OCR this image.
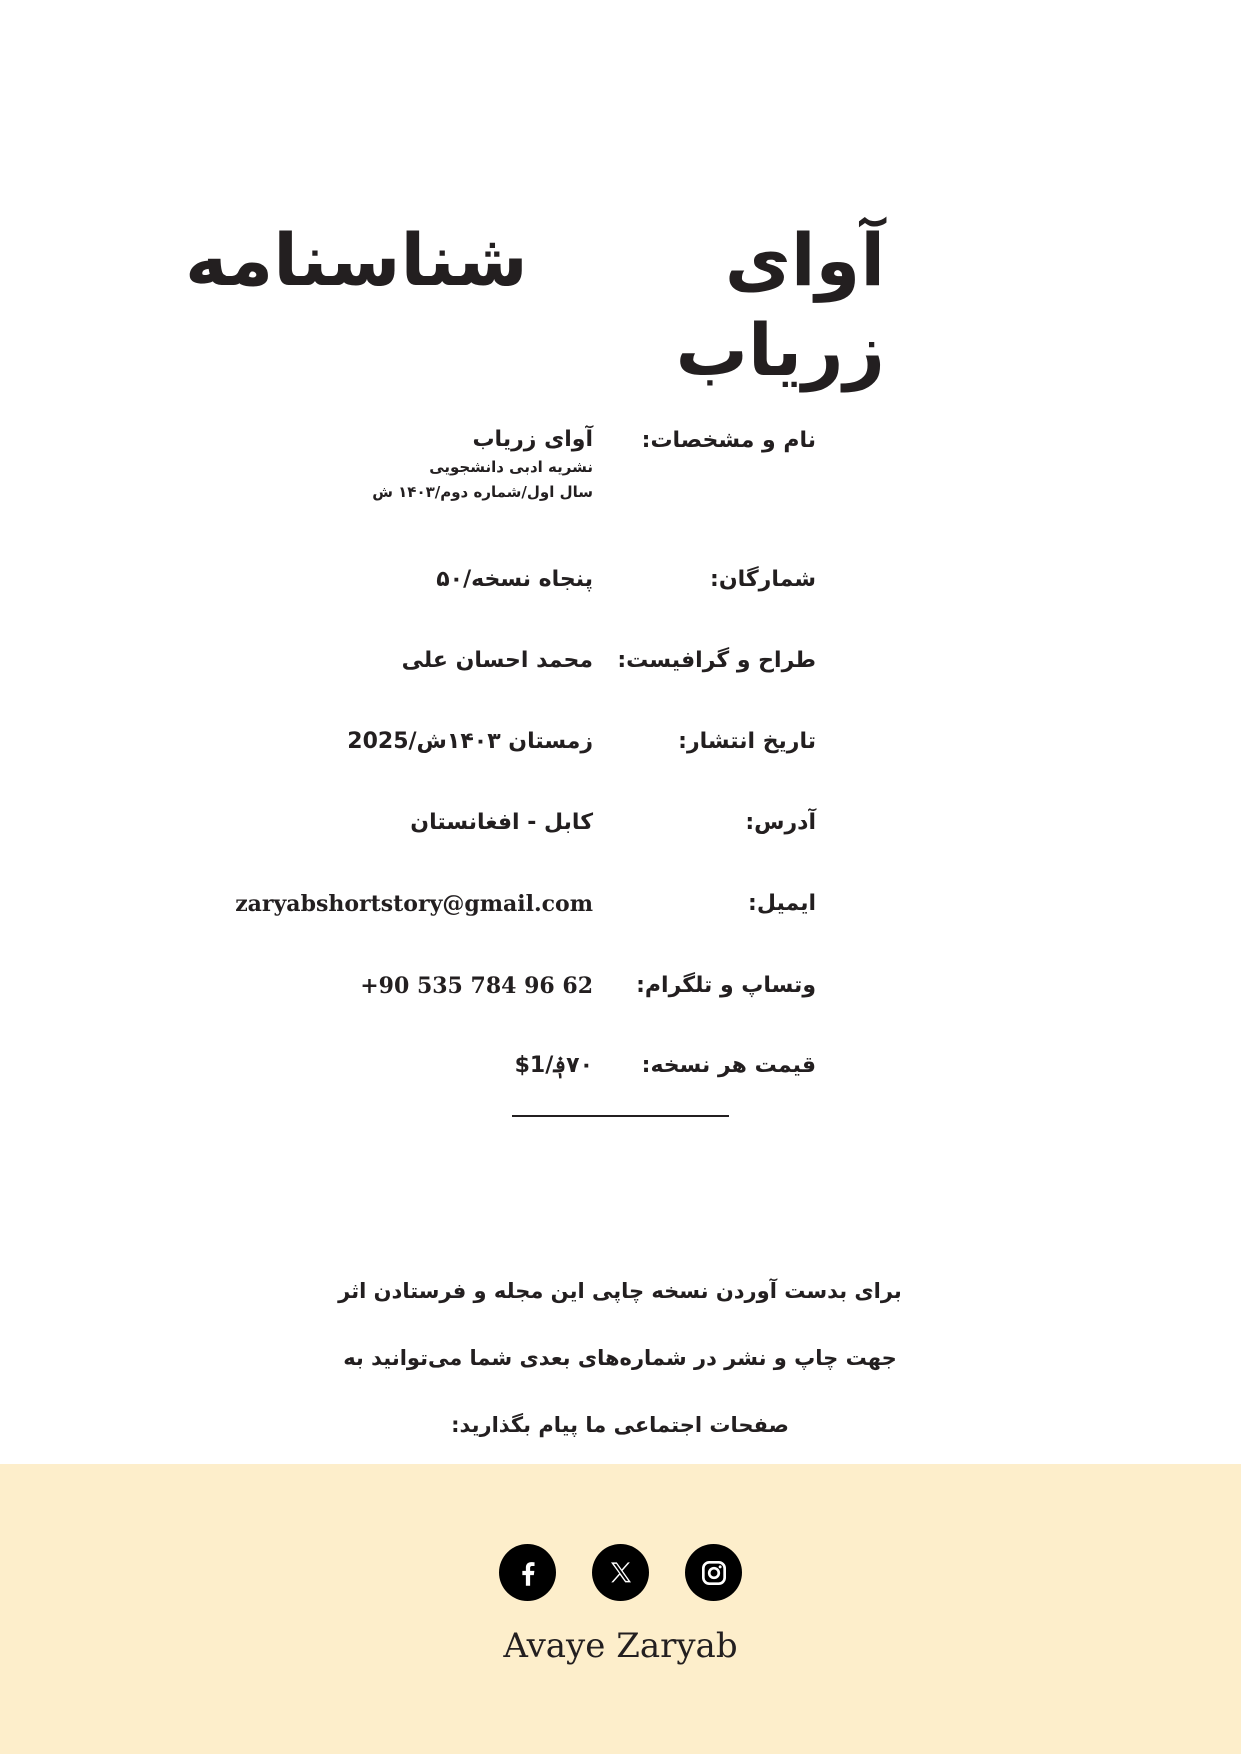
شناسنامه	آوای زریاب
نام و مشخصات:
آوای زریاب
نشریه ادبی دانشجویی
سال اول/شماره دوم/۱۴۰۳ ش
شمارگان:
پنجاه نسخه/۵۰
طراح و گرافیست:
محمد احسان علی
تاریخ انتشار:
زمستان ۱۴۰۳ش/2025
آدرس:
کابل - افغانستان
ایمیل:
zaryabshortstory@gmail.com
وتساپ و تلگرام:
+90 535 784 96 62
قیمت هر نسخه:
۷۰؋/1$

برای بدست آوردن نسخه چاپی این مجله و فرستادن اثر

جهت چاپ و نشر در شماره‌های بعدی شما می‌توانید به

صفحات اجتماعی ما پیام بگذارید:

Avaye Zaryab
